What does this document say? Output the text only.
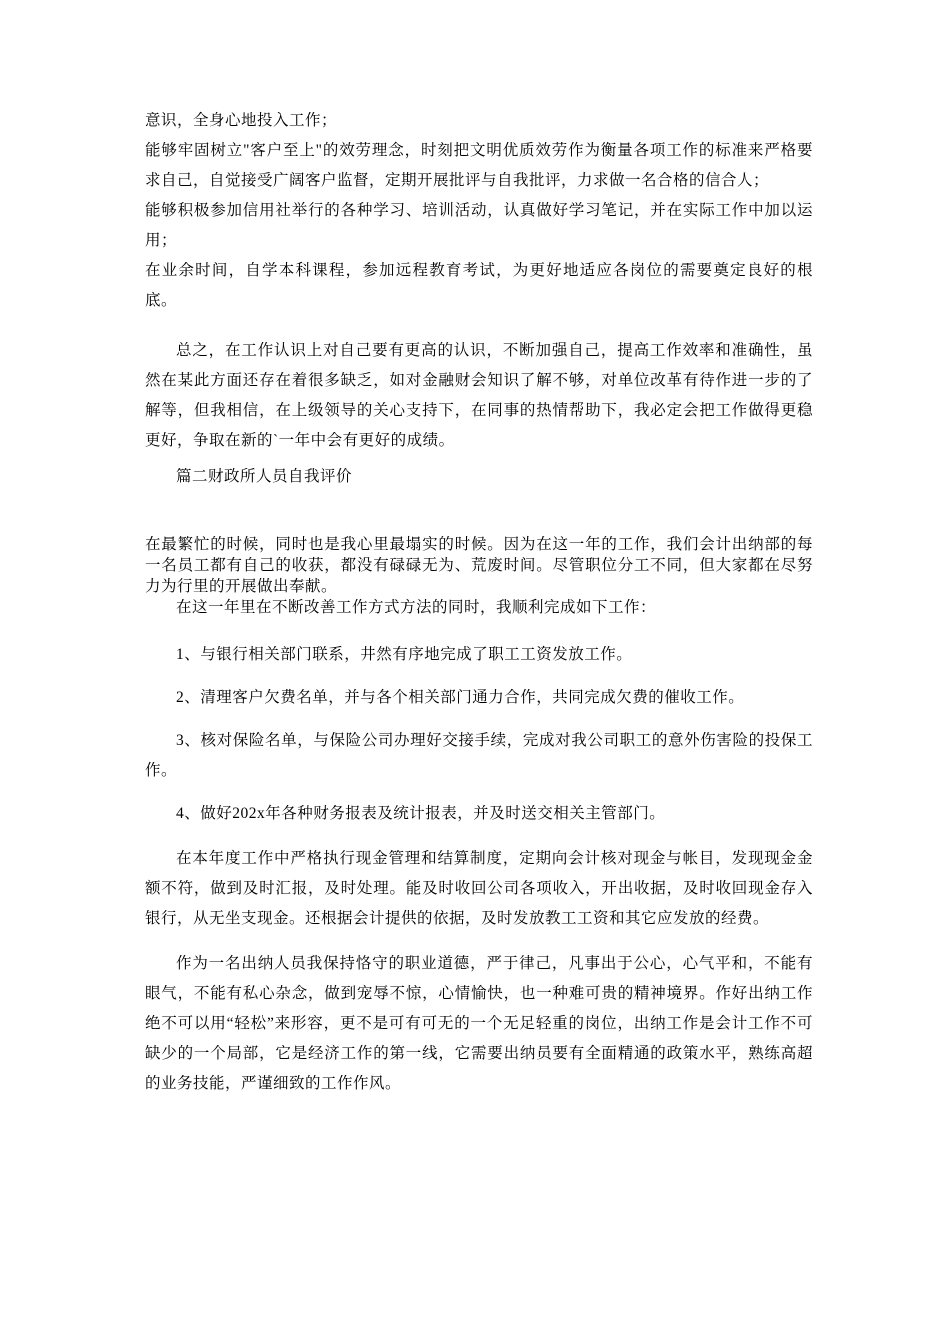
意识，全身心地投入工作；

能够牢固树立"客户至上"的效劳理念，时刻把文明优质效劳作为衡量各项工作的标准来严格要求自己，自觉接受广阔客户监督，定期开展批评与自我批评，力求做一名合格的信合人；

能够积极参加信用社举行的各种学习、培训活动，认真做好学习笔记，并在实际工作中加以运用；

在业余时间，自学本科课程，参加远程教育考试，为更好地适应各岗位的需要奠定良好的根底。

总之，在工作认识上对自己要有更高的认识，不断加强自己，提高工作效率和准确性，虽然在某此方面还存在着很多缺乏，如对金融财会知识了解不够，对单位改革有待作进一步的了解等，但我相信，在上级领导的关心支持下，在同事的热情帮助下，我必定会把工作做得更稳更好，争取在新的`一年中会有更好的成绩。

篇二财政所人员自我评价

在最繁忙的时候，同时也是我心里最塌实的时候。因为在这一年的工作，我们会计出纳部的每一名员工都有自己的收获，都没有碌碌无为、荒废时间。尽管职位分工不同，但大家都在尽努力为行里的开展做出奉献。

在这一年里在不断改善工作方式方法的同时，我顺利完成如下工作：

1、与银行相关部门联系，井然有序地完成了职工工资发放工作。

2、清理客户欠费名单，并与各个相关部门通力合作，共同完成欠费的催收工作。

3、核对保险名单，与保险公司办理好交接手续，完成对我公司职工的意外伤害险的投保工作。

4、做好202x年各种财务报表及统计报表，并及时送交相关主管部门。

在本年度工作中严格执行现金管理和结算制度，定期向会计核对现金与帐目，发现现金金额不符，做到及时汇报，及时处理。能及时收回公司各项收入，开出收据，及时收回现金存入银行，从无坐支现金。还根据会计提供的依据，及时发放教工工资和其它应发放的经费。

作为一名出纳人员我保持恪守的职业道德，严于律己，凡事出于公心，心气平和，不能有眼气，不能有私心杂念，做到宠辱不惊，心情愉快，也一种难可贵的精神境界。作好出纳工作绝不可以用“轻松”来形容，更不是可有可无的一个无足轻重的岗位，出纳工作是会计工作不可缺少的一个局部，它是经济工作的第一线，它需要出纳员要有全面精通的政策水平，熟练高超的业务技能，严谨细致的工作作风。
